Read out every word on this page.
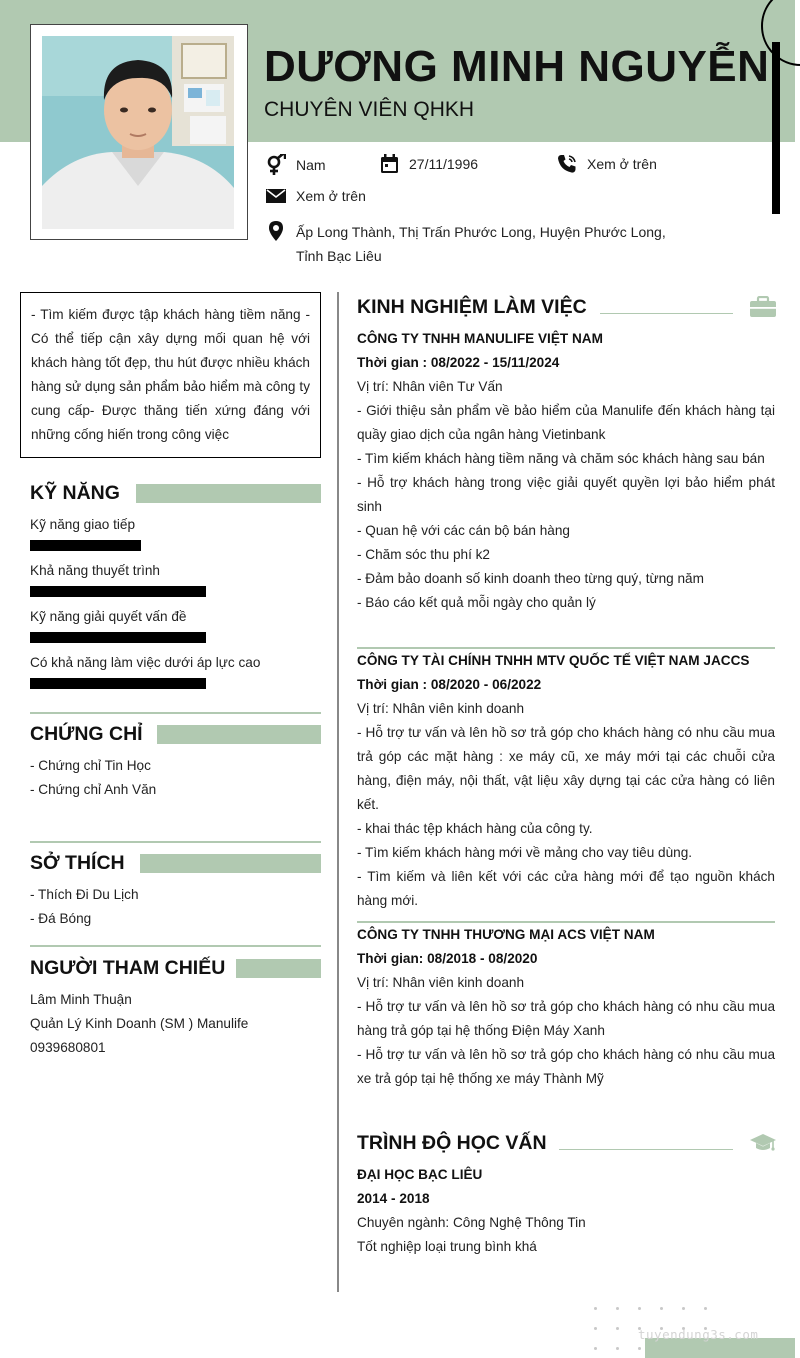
DƯƠNG MINH NGUYỄN
CHUYÊN VIÊN QHKH
Nam	27/11/1996	Xem ở trên
Xem ở trên
Ấp Long Thành, Thị Trấn Phước Long, Huyện Phước Long, Tỉnh Bạc Liêu
- Tìm kiếm được tập khách hàng tiềm năng - Có thể tiếp cận xây dựng mối quan hệ với khách hàng tốt đẹp, thu hút được nhiều khách hàng sử dụng sản phẩm bảo hiểm mà công ty cung cấp- Được thăng tiến xứng đáng với những cống hiến trong công việc
KỸ NĂNG
Kỹ năng giao tiếp
Khả năng thuyết trình
Kỹ năng giải quyết vấn đề
Có khả năng làm việc dưới áp lực cao
CHỨNG CHỈ
- Chứng chỉ Tin Học
- Chứng chỉ Anh Văn
SỞ THÍCH
- Thích Đi Du Lịch
- Đá Bóng
NGƯỜI THAM CHIẾU
Lâm Minh Thuận
Quản Lý Kinh Doanh (SM ) Manulife
0939680801
KINH NGHIỆM LÀM VIỆC
CÔNG TY TNHH MANULIFE VIỆT NAM
Thời gian : 08/2022 - 15/11/2024
Vị trí: Nhân viên Tư Vấn
- Giới thiệu sản phẩm về bảo hiểm của Manulife đến khách hàng tại quầy giao dịch của ngân hàng Vietinbank
- Tìm kiếm khách hàng tiềm năng và chăm sóc khách hàng sau bán
- Hỗ trợ khách hàng trong việc giải quyết quyền lợi bảo hiểm phát sinh
- Quan hệ với các cán bộ bán hàng
- Chăm sóc thu phí k2
- Đảm bảo doanh số kinh doanh theo từng quý, từng năm
- Báo cáo kết quả mỗi ngày cho quản lý
CÔNG TY TÀI CHÍNH TNHH MTV QUỐC TẾ VIỆT NAM JACCS
Thời gian : 08/2020 - 06/2022
Vị trí: Nhân viên kinh doanh
- Hỗ trợ tư vấn và lên hồ sơ trả góp cho khách hàng có nhu cầu mua trả góp các mặt hàng : xe máy cũ, xe máy mới tại các chuỗi cửa hàng, điện máy, nội thất, vật liệu xây dựng tại các cửa hàng có liên kết.
- khai thác tệp khách hàng của công ty.
- Tìm kiếm khách hàng mới về mảng cho vay tiêu dùng.
- Tìm kiếm và liên kết với các cửa hàng mới để tạo nguồn khách hàng mới.
CÔNG TY TNHH THƯƠNG MẠI ACS VIỆT NAM
Thời gian: 08/2018 - 08/2020
Vị trí: Nhân viên kinh doanh
- Hỗ trợ tư vấn và lên hồ sơ trả góp cho khách hàng có nhu cầu mua hàng trả góp tại hệ thống Điện Máy Xanh
- Hỗ trợ tư vấn và lên hồ sơ trả góp cho khách hàng có nhu cầu mua xe trả góp tại hệ thống xe máy Thành Mỹ
TRÌNH ĐỘ HỌC VẤN
ĐẠI HỌC BẠC LIÊU
2014 - 2018
Chuyên ngành: Công Nghệ Thông Tin
Tốt nghiệp loại trung bình khá
tuyendung3s.com
